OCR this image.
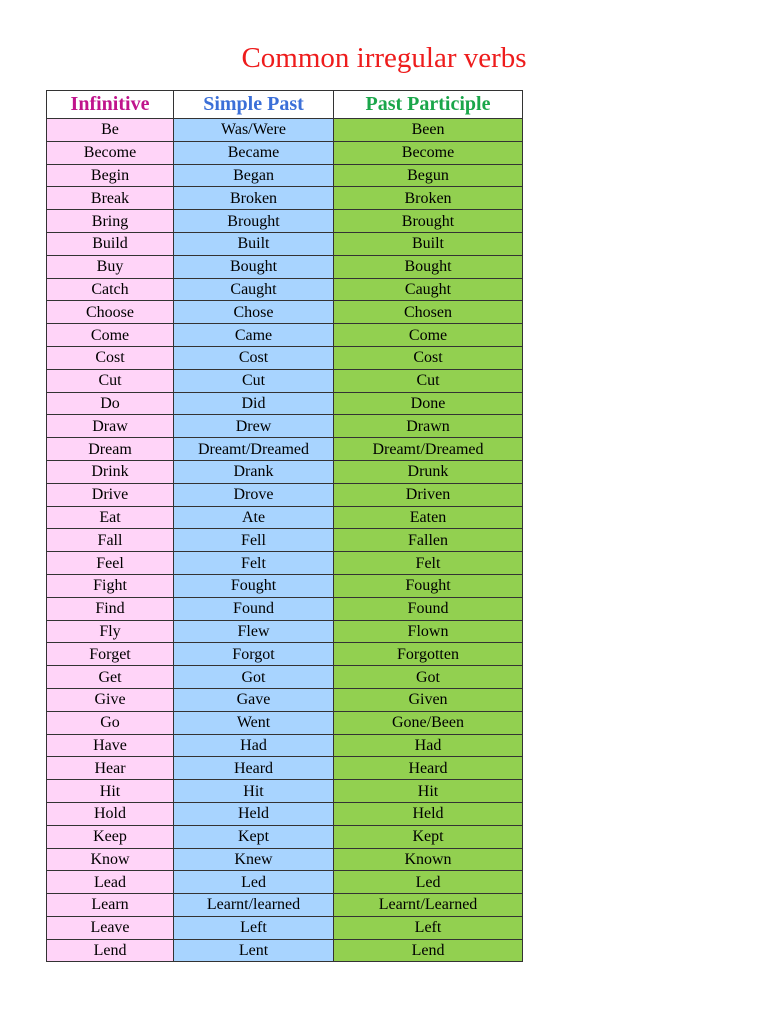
Common irregular verbs
Infinitive	Simple Past	Past Participle
Be	Was/Were	Been
Become	Became	Become
Begin	Began	Begun
Break	Broken	Broken
Bring	Brought	Brought
Build	Built	Built
Buy	Bought	Bought
Catch	Caught	Caught
Choose	Chose	Chosen
Come	Came	Come
Cost	Cost	Cost
Cut	Cut	Cut
Do	Did	Done
Draw	Drew	Drawn
Dream	Dreamt/Dreamed	Dreamt/Dreamed
Drink	Drank	Drunk
Drive	Drove	Driven
Eat	Ate	Eaten
Fall	Fell	Fallen
Feel	Felt	Felt
Fight	Fought	Fought
Find	Found	Found
Fly	Flew	Flown
Forget	Forgot	Forgotten
Get	Got	Got
Give	Gave	Given
Go	Went	Gone/Been
Have	Had	Had
Hear	Heard	Heard
Hit	Hit	Hit
Hold	Held	Held
Keep	Kept	Kept
Know	Knew	Known
Lead	Led	Led
Learn	Learnt/learned	Learnt/Learned
Leave	Left	Left
Lend	Lent	Lend
